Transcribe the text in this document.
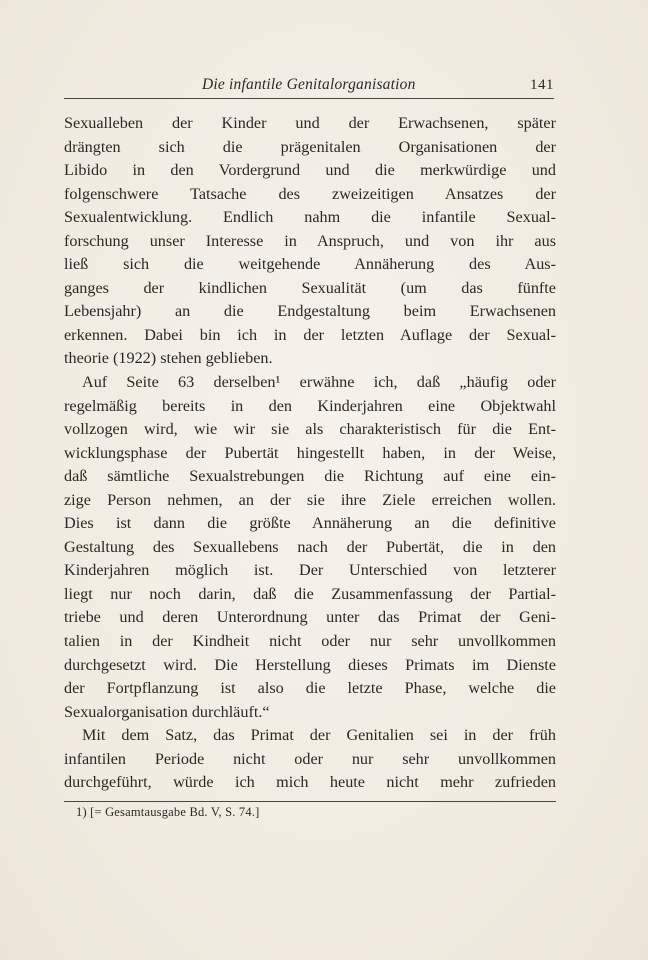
Die infantile Genitalorganisation	141
Sexualleben der Kinder und der Erwachsenen, später
drängten sich die prägenitalen Organisationen der
Libido in den Vordergrund und die merkwürdige und
folgenschwere Tatsache des zweizeitigen Ansatzes der
Sexualentwicklung. Endlich nahm die infantile Sexual-
forschung unser Interesse in Anspruch, und von ihr aus
ließ sich die weitgehende Annäherung des Aus-
ganges der kindlichen Sexualität (um das fünfte
Lebensjahr) an die Endgestaltung beim Erwachsenen
erkennen. Dabei bin ich in der letzten Auflage der Sexual-
theorie (1922) stehen geblieben.
Auf Seite 63 derselben¹ erwähne ich, daß „häufig oder
regelmäßig bereits in den Kinderjahren eine Objektwahl
vollzogen wird, wie wir sie als charakteristisch für die Ent-
wicklungsphase der Pubertät hingestellt haben, in der Weise,
daß sämtliche Sexualstrebungen die Richtung auf eine ein-
zige Person nehmen, an der sie ihre Ziele erreichen wollen.
Dies ist dann die größte Annäherung an die definitive
Gestaltung des Sexuallebens nach der Pubertät, die in den
Kinderjahren möglich ist. Der Unterschied von letzterer
liegt nur noch darin, daß die Zusammenfassung der Partial-
triebe und deren Unterordnung unter das Primat der Geni-
talien in der Kindheit nicht oder nur sehr unvollkommen
durchgesetzt wird. Die Herstellung dieses Primats im Dienste
der Fortpflanzung ist also die letzte Phase, welche die
Sexualorganisation durchläuft.“
Mit dem Satz, das Primat der Genitalien sei in der früh
infantilen Periode nicht oder nur sehr unvollkommen
durchgeführt, würde ich mich heute nicht mehr zufrieden
1) [= Gesamtausgabe Bd. V, S. 74.]
